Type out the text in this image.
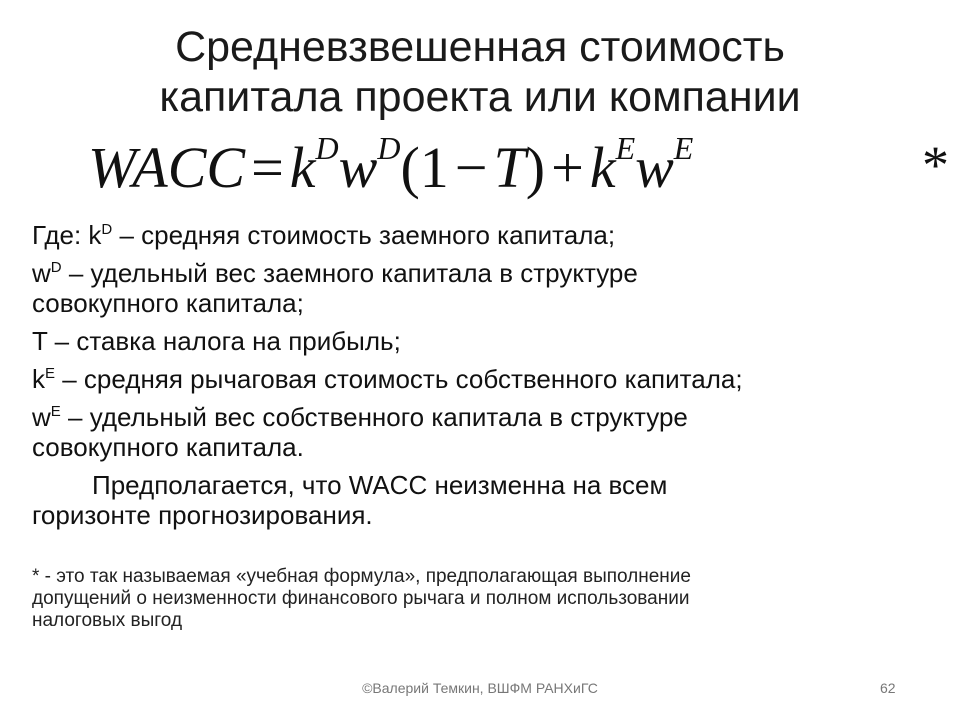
Средневзвешенная стоимость
капитала проекта или компании
WACC = $k^Dw^D(1 - T) + k^Ew^E$	*
Где: $k^D$ – средняя стоимость заемного капитала;
$w^D$ – удельный вес заемного капитала в структуре
совокупного капитала;
T – ставка налога на прибыль;
$k^E$ – средняя рычаговая стоимость собственного капитала;
$w^E$ – удельный вес собственного капитала в структуре
совокупного капитала.
Предполагается, что WACC неизменна на всем
горизонте прогнозирования.
* - это так называемая «учебная формула», предполагающая выполнение
допущений о неизменности финансового рычага и полном использовании
налоговых выгод
©Валерий Темкин, ВШФМ РАНХиГС	62
